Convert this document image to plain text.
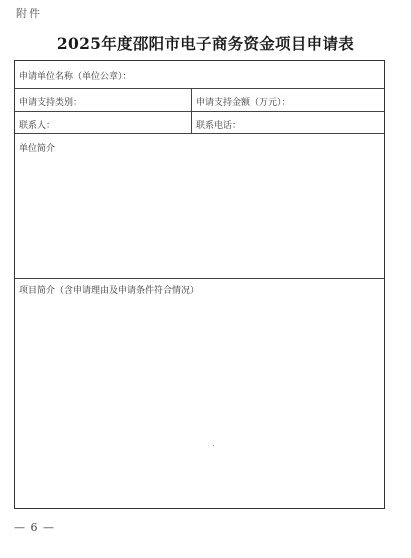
附件
2025年度邵阳市电子商务资金项目申请表
申请单位名称（单位公章）：
申请支持类别：	申请支持金额（万元）：
联系人：	联系电话：
单位简介
项目简介（含申请理由及申请条件符合情况）
— 6 —
